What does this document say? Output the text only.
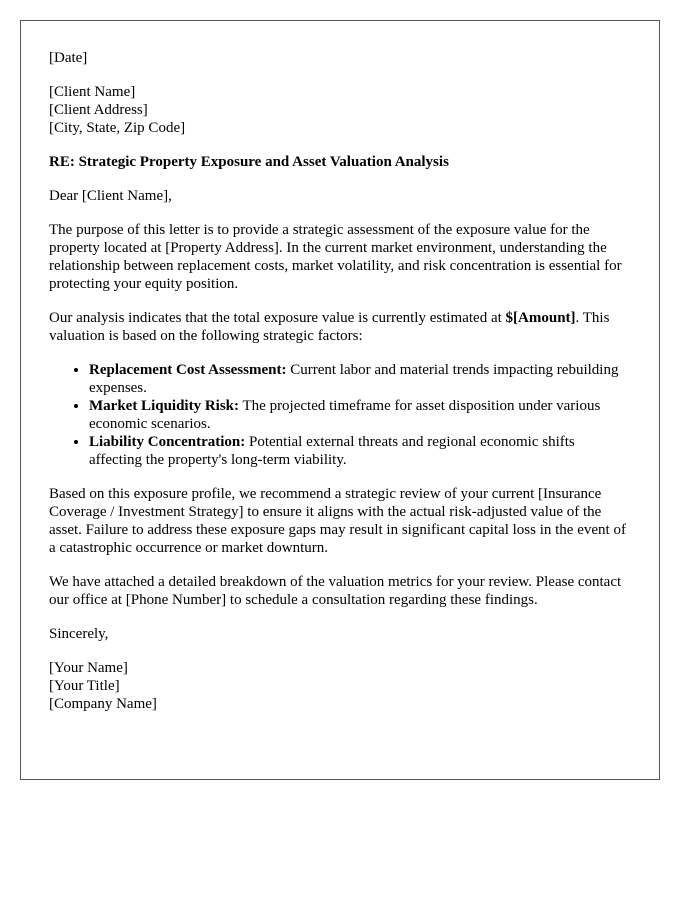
[Date]
[Client Name]
[Client Address]
[City, State, Zip Code]
RE: Strategic Property Exposure and Asset Valuation Analysis
Dear [Client Name],
The purpose of this letter is to provide a strategic assessment of the exposure value for the property located at [Property Address]. In the current market environment, understanding the relationship between replacement costs, market volatility, and risk concentration is essential for protecting your equity position.
Our analysis indicates that the total exposure value is currently estimated at $[Amount]. This valuation is based on the following strategic factors:
• Replacement Cost Assessment: Current labor and material trends impacting rebuilding expenses.
• Market Liquidity Risk: The projected timeframe for asset disposition under various economic scenarios.
• Liability Concentration: Potential external threats and regional economic shifts affecting the property's long-term viability.
Based on this exposure profile, we recommend a strategic review of your current [Insurance Coverage / Investment Strategy] to ensure it aligns with the actual risk-adjusted value of the asset. Failure to address these exposure gaps may result in significant capital loss in the event of a catastrophic occurrence or market downturn.
We have attached a detailed breakdown of the valuation metrics for your review. Please contact our office at [Phone Number] to schedule a consultation regarding these findings.
Sincerely,
[Your Name]
[Your Title]
[Company Name]
